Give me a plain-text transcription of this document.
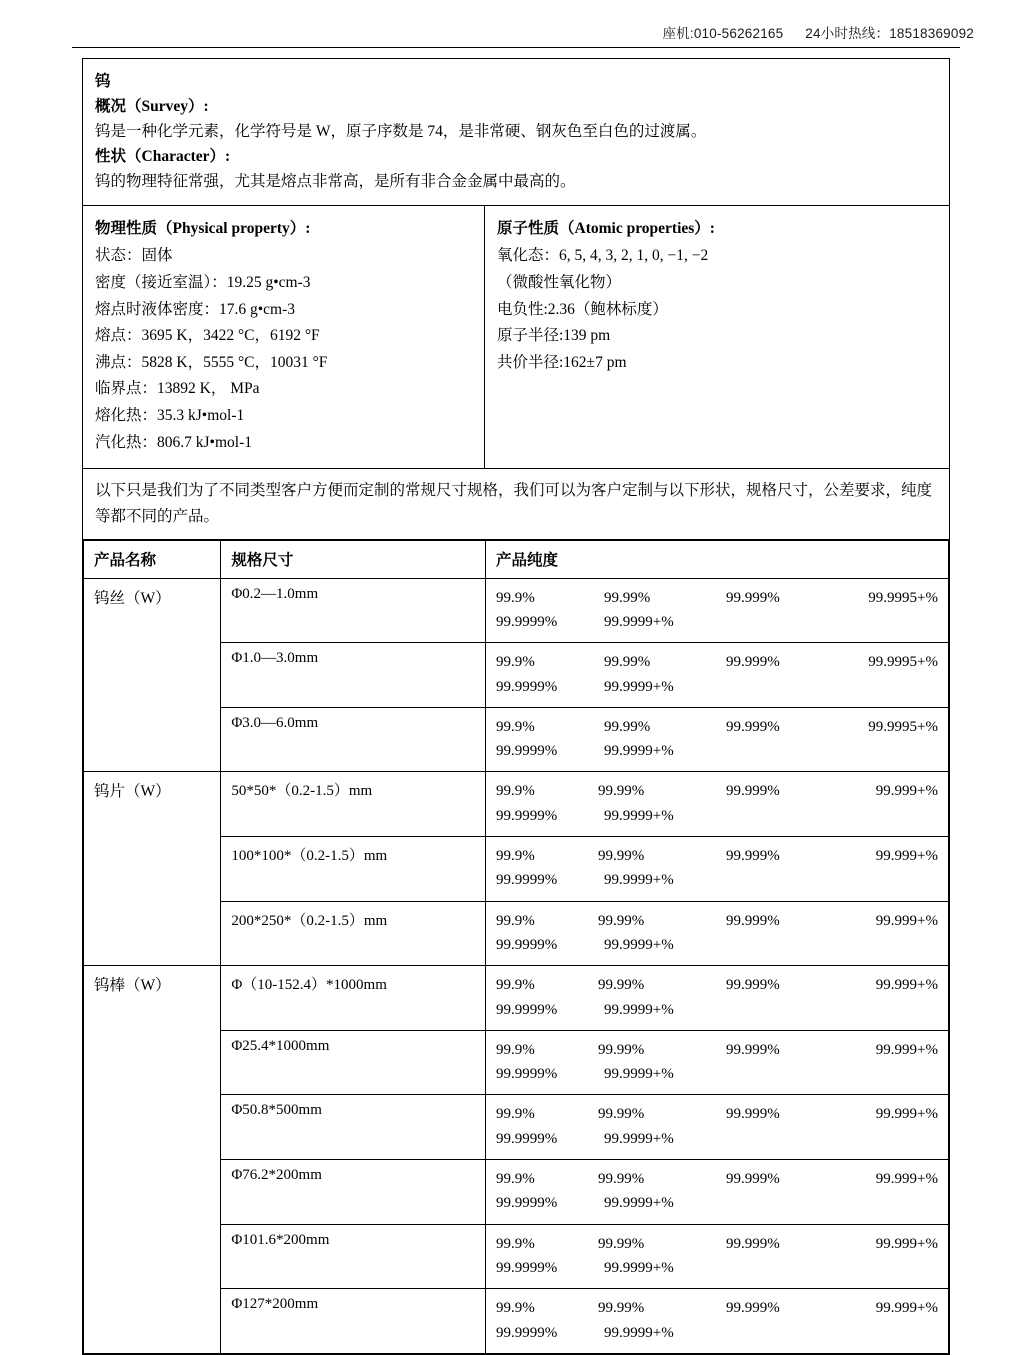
座机:010-56262165 24小时热线：18518369092
钨
概况（Survey）:
钨是一种化学元素，化学符号是 W，原子序数是 74，是非常硬、钢灰色至白色的过渡属。
性状（Character）:
钨的物理特征常强，尤其是熔点非常高，是所有非合金金属中最高的。
物理性质（Physical property）:
状态：固体
密度（接近室温）：19.25 g•cm-3
熔点时液体密度：17.6 g•cm-3
熔点：3695 K，3422 °C，6192 °F
沸点：5828 K，5555 °C，10031 °F
临界点：13892 K， MPa
熔化热：35.3 kJ•mol-1
汽化热：806.7 kJ•mol-1
原子性质（Atomic properties）:
氧化态：6, 5, 4, 3, 2, 1, 0, −1, −2
（微酸性氧化物）
电负性:2.36（鲍林标度）
原子半径:139 pm
共价半径:162±7 pm
以下只是我们为了不同类型客户方便而定制的常规尺寸规格，我们可以为客户定制与以下形状，规格尺寸，公差要求，纯度等都不同的产品。
产品名称	规格尺寸	产品纯度
钨丝（W）	Φ0.2—1.0mm	99.9%	99.99%	99.999%	99.9995+%
99.9999%	99.9999+%

Φ1.0—3.0mm	99.9%	99.99%	99.999%	99.9995+%
99.9999%	99.9999+%

Φ3.0—6.0mm	99.9%	99.99%	99.999%	99.9995+%
99.9999%	99.9999+%

钨片（W）	50*50*（0.2-1.5）mm	99.9%	99.99%	99.999%	99.999+%
99.9999%	99.9999+%

100*100*（0.2-1.5）mm	99.9%	99.99%	99.999%	99.999+%
99.9999%	99.9999+%

200*250*（0.2-1.5）mm	99.9%	99.99%	99.999%	99.999+%
99.9999%	99.9999+%

钨棒（W）	Φ（10-152.4）*1000mm	99.9%	99.99%	99.999%	99.999+%
99.9999%	99.9999+%

Φ25.4*1000mm	99.9%	99.99%	99.999%	99.999+%
99.9999%	99.9999+%

Φ50.8*500mm	99.9%	99.99%	99.999%	99.999+%
99.9999%	99.9999+%

Φ76.2*200mm	99.9%	99.99%	99.999%	99.999+%
99.9999%	99.9999+%

Φ101.6*200mm	99.9%	99.99%	99.999%	99.999+%
99.9999%	99.9999+%

Φ127*200mm	99.9%	99.99%	99.999%	99.999+%
99.9999%	99.9999+%
